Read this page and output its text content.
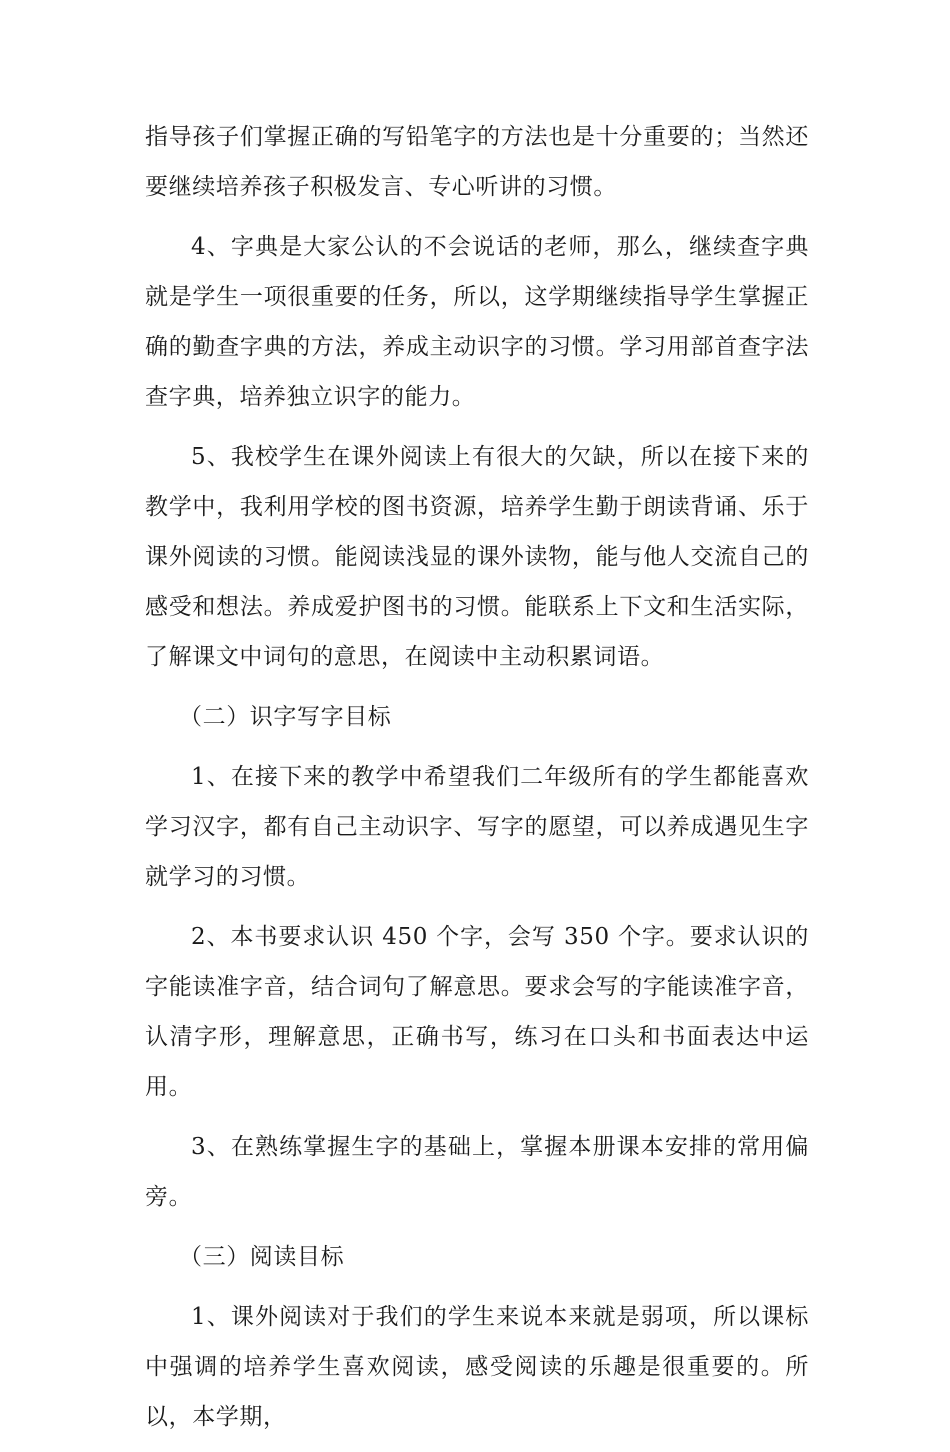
指导孩子们掌握正确的写铅笔字的方法也是十分重要的；当然还要继续培养孩子积极发言、专心听讲的习惯。

4、字典是大家公认的不会说话的老师，那么，继续查字典就是学生一项很重要的任务，所以，这学期继续指导学生掌握正确的勤查字典的方法，养成主动识字的习惯。学习用部首查字法查字典，培养独立识字的能力。

5、我校学生在课外阅读上有很大的欠缺，所以在接下来的教学中，我利用学校的图书资源，培养学生勤于朗读背诵、乐于课外阅读的习惯。能阅读浅显的课外读物，能与他人交流自己的感受和想法。养成爱护图书的习惯。能联系上下文和生活实际，了解课文中词句的意思，在阅读中主动积累词语。

（二）识字写字目标

1、在接下来的教学中希望我们二年级所有的学生都能喜欢学习汉字，都有自己主动识字、写字的愿望，可以养成遇见生字就学习的习惯。

2、本书要求认识 450 个字，会写 350 个字。要求认识的字能读准字音，结合词句了解意思。要求会写的字能读准字音，认清字形，理解意思，正确书写，练习在口头和书面表达中运用。

3、在熟练掌握生字的基础上，掌握本册课本安排的常用偏旁。

（三）阅读目标

1、课外阅读对于我们的学生来说本来就是弱项，所以课标中强调的培养学生喜欢阅读，感受阅读的乐趣是很重要的。所以，本学期，
